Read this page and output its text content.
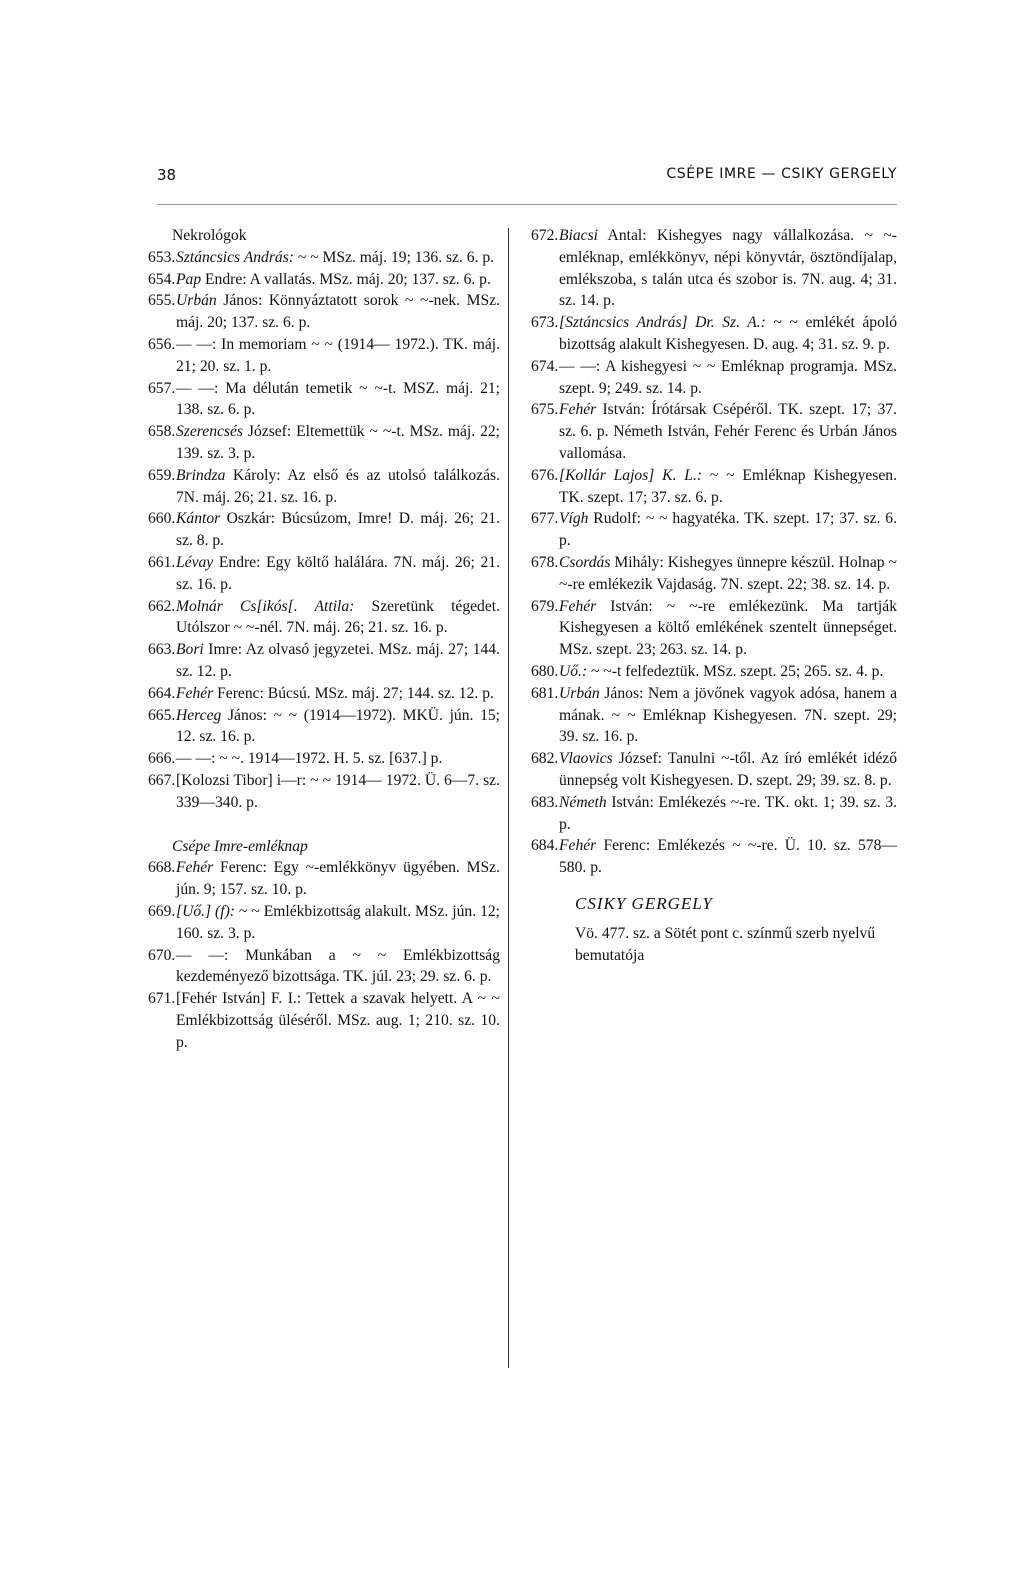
38	CSÉPE IMRE — CSIKY GERGELY
Nekrológok
653. Sztáncsics András: ~ ~ MSz. máj. 19; 136. sz. 6. p.
654. Pap Endre: A vallatás. MSz. máj. 20; 137. sz. 6. p.
655. Urbán János: Könnyáztatott sorok ~ ~-nek. MSz. máj. 20; 137. sz. 6. p.
656. — —: In memoriam ~ ~ (1914— 1972.). TK. máj. 21; 20. sz. 1. p.
657. — —: Ma délután temetik ~ ~-t. MSZ. máj. 21; 138. sz. 6. p.
658. Szerencsés József: Eltemettük ~ ~-t. MSz. máj. 22; 139. sz. 3. p.
659. Brindza Károly: Az első és az utolsó találkozás. 7N. máj. 26; 21. sz. 16. p.
660. Kántor Oszkár: Búcsúzom, Imre! D. máj. 26; 21. sz. 8. p.
661. Lévay Endre: Egy költő halálára. 7N. máj. 26; 21. sz. 16. p.
662. Molnár Cs[ikós[. Attila: Szeretünk tégedet. Utólszor ~ ~-nél. 7N. máj. 26; 21. sz. 16. p.
663. Bori Imre: Az olvasó jegyzetei. MSz. máj. 27; 144. sz. 12. p.
664. Fehér Ferenc: Búcsú. MSz. máj. 27; 144. sz. 12. p.
665. Herceg János: ~ ~ (1914—1972). MKÜ. jún. 15; 12. sz. 16. p.
666. — —: ~ ~. 1914—1972. H. 5. sz. [637.] p.
667. [Kolozsi Tibor] i—r: ~ ~ 1914— 1972. Ü. 6—7. sz. 339—340. p.
Csépe Imre-emléknap
668. Fehér Ferenc: Egy ~-emlékkönyv ügyében. MSz. jún. 9; 157. sz. 10. p.
669. [Uő.] (f): ~ ~ Emlékbizottság alakult. MSz. jún. 12; 160. sz. 3. p.
670. — —: Munkában a ~ ~ Emlékbizottság kezdeményező bizottsága. TK. júl. 23; 29. sz. 6. p.
671. [Fehér István] F. I.: Tettek a szavak helyett. A ~ ~ Emlékbizottság üléséről. MSz. aug. 1; 210. sz. 10. p.
672. Biacsi Antal: Kishegyes nagy vállalkozása. ~ ~-emléknap, emlékkönyv, népi könyvtár, ösztöndíjalap, emlékszoba, s talán utca és szobor is. 7N. aug. 4; 31. sz. 14. p.
673. [Sztáncsics András] Dr. Sz. A.: ~ ~ emlékét ápoló bizottság alakult Kishegyesen. D. aug. 4; 31. sz. 9. p.
674. — —: A kishegyesi ~ ~ Emléknap programja. MSz. szept. 9; 249. sz. 14. p.
675. Fehér István: Írótársak Csépéről. TK. szept. 17; 37. sz. 6. p. Németh István, Fehér Ferenc és Urbán János vallomása.
676. [Kollár Lajos] K. L.: ~ ~ Emléknap Kishegyesen. TK. szept. 17; 37. sz. 6. p.
677. Vígh Rudolf: ~ ~ hagyatéka. TK. szept. 17; 37. sz. 6. p.
678. Csordás Mihály: Kishegyes ünnepre készül. Holnap ~ ~-re emlékezik Vajdaság. 7N. szept. 22; 38. sz. 14. p.
679. Fehér István: ~ ~-re emlékezünk. Ma tartják Kishegyesen a költő emlékének szentelt ünnepséget. MSz. szept. 23; 263. sz. 14. p.
680. Uő.: ~ ~-t felfedeztük. MSz. szept. 25; 265. sz. 4. p.
681. Urbán János: Nem a jövőnek vagyok adósa, hanem a mának. ~ ~ Emléknap Kishegyesen. 7N. szept. 29; 39. sz. 16. p.
682. Vlaovics József: Tanulni ~-től. Az író emlékét idéző ünnepség volt Kishegyesen. D. szept. 29; 39. sz. 8. p.
683. Németh István: Emlékezés ~-re. TK. okt. 1; 39. sz. 3. p.
684. Fehér Ferenc: Emlékezés ~ ~-re. Ü. 10. sz. 578—580. p.
CSIKY GERGELY
Vö. 477. sz. a Sötét pont c. színmű szerb nyelvű bemutatója
